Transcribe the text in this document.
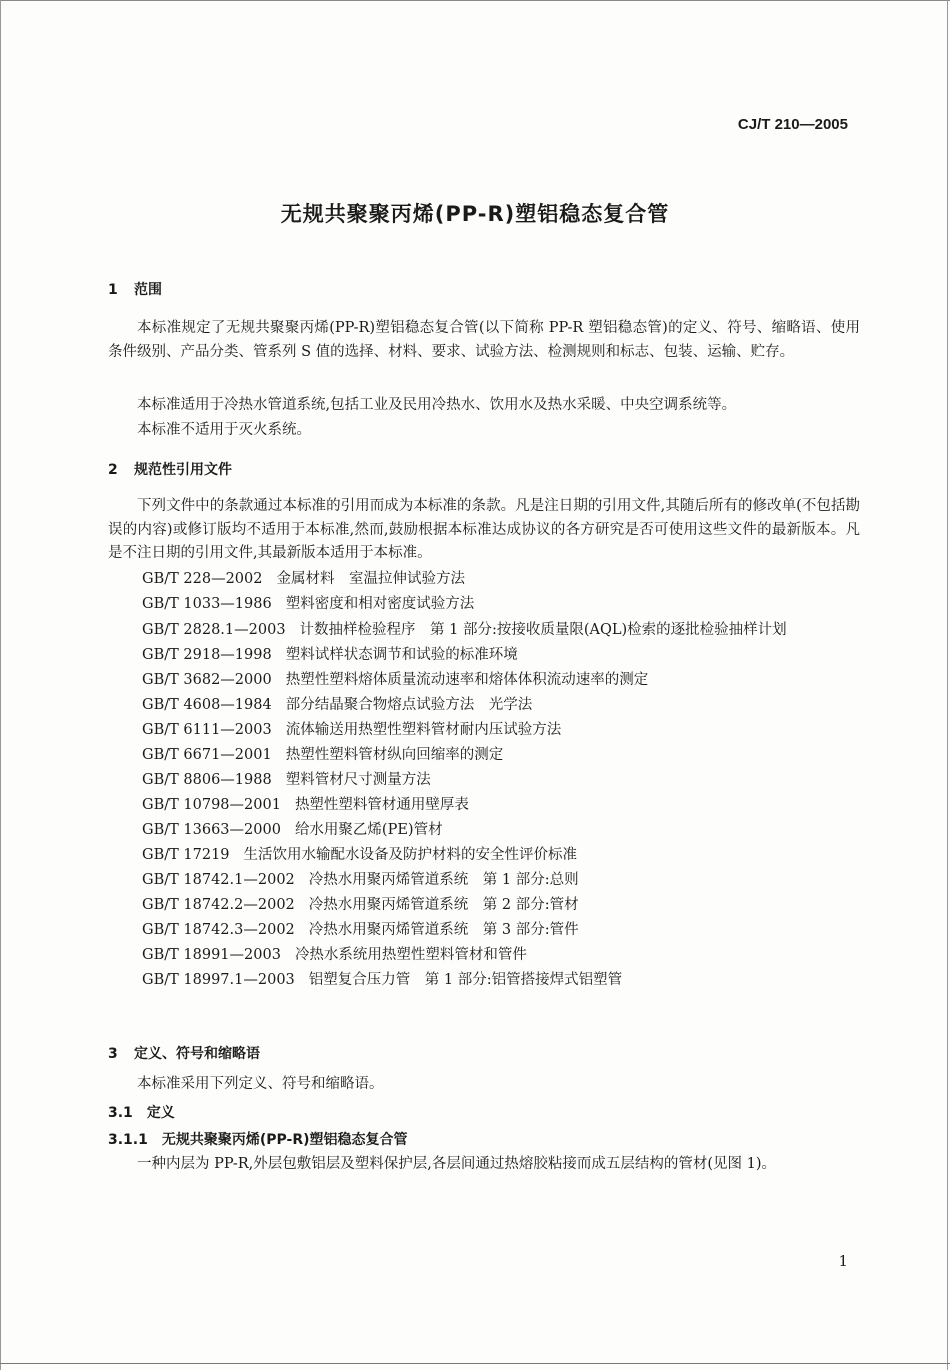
CJ/T 210—2005
无规共聚聚丙烯(PP-R)塑铝稳态复合管
1 范围
本标准规定了无规共聚聚丙烯(PP-R)塑铝稳态复合管(以下简称 PP-R 塑铝稳态管)的定义、符号、缩略语、使用条件级别、产品分类、管系列 S 值的选择、材料、要求、试验方法、检测规则和标志、包装、运输、贮存。
本标准适用于冷热水管道系统,包括工业及民用冷热水、饮用水及热水采暖、中央空调系统等。
本标准不适用于灭火系统。
2 规范性引用文件
下列文件中的条款通过本标准的引用而成为本标准的条款。凡是注日期的引用文件,其随后所有的修改单(不包括勘误的内容)或修订版均不适用于本标准,然而,鼓励根据本标准达成协议的各方研究是否可使用这些文件的最新版本。凡是不注日期的引用文件,其最新版本适用于本标准。
GB/T 228—2002 金属材料　室温拉伸试验方法
GB/T 1033—1986 塑料密度和相对密度试验方法
GB/T 2828.1—2003 计数抽样检验程序　第 1 部分:按接收质量限(AQL)检索的逐批检验抽样计划
GB/T 2918—1998 塑料试样状态调节和试验的标准环境
GB/T 3682—2000 热塑性塑料熔体质量流动速率和熔体体积流动速率的测定
GB/T 4608—1984 部分结晶聚合物熔点试验方法　光学法
GB/T 6111—2003 流体输送用热塑性塑料管材耐内压试验方法
GB/T 6671—2001 热塑性塑料管材纵向回缩率的测定
GB/T 8806—1988 塑料管材尺寸测量方法
GB/T 10798—2001 热塑性塑料管材通用壁厚表
GB/T 13663—2000 给水用聚乙烯(PE)管材
GB/T 17219 生活饮用水输配水设备及防护材料的安全性评价标准
GB/T 18742.1—2002 冷热水用聚丙烯管道系统　第 1 部分:总则
GB/T 18742.2—2002 冷热水用聚丙烯管道系统　第 2 部分:管材
GB/T 18742.3—2002 冷热水用聚丙烯管道系统　第 3 部分:管件
GB/T 18991—2003 冷热水系统用热塑性塑料管材和管件
GB/T 18997.1—2003 铝塑复合压力管　第 1 部分:铝管搭接焊式铝塑管
3 定义、符号和缩略语
本标准采用下列定义、符号和缩略语。
3.1 定义
3.1.1 无规共聚聚丙烯(PP-R)塑铝稳态复合管
一种内层为 PP-R,外层包敷铝层及塑料保护层,各层间通过热熔胶粘接而成五层结构的管材(见图 1)。
1
